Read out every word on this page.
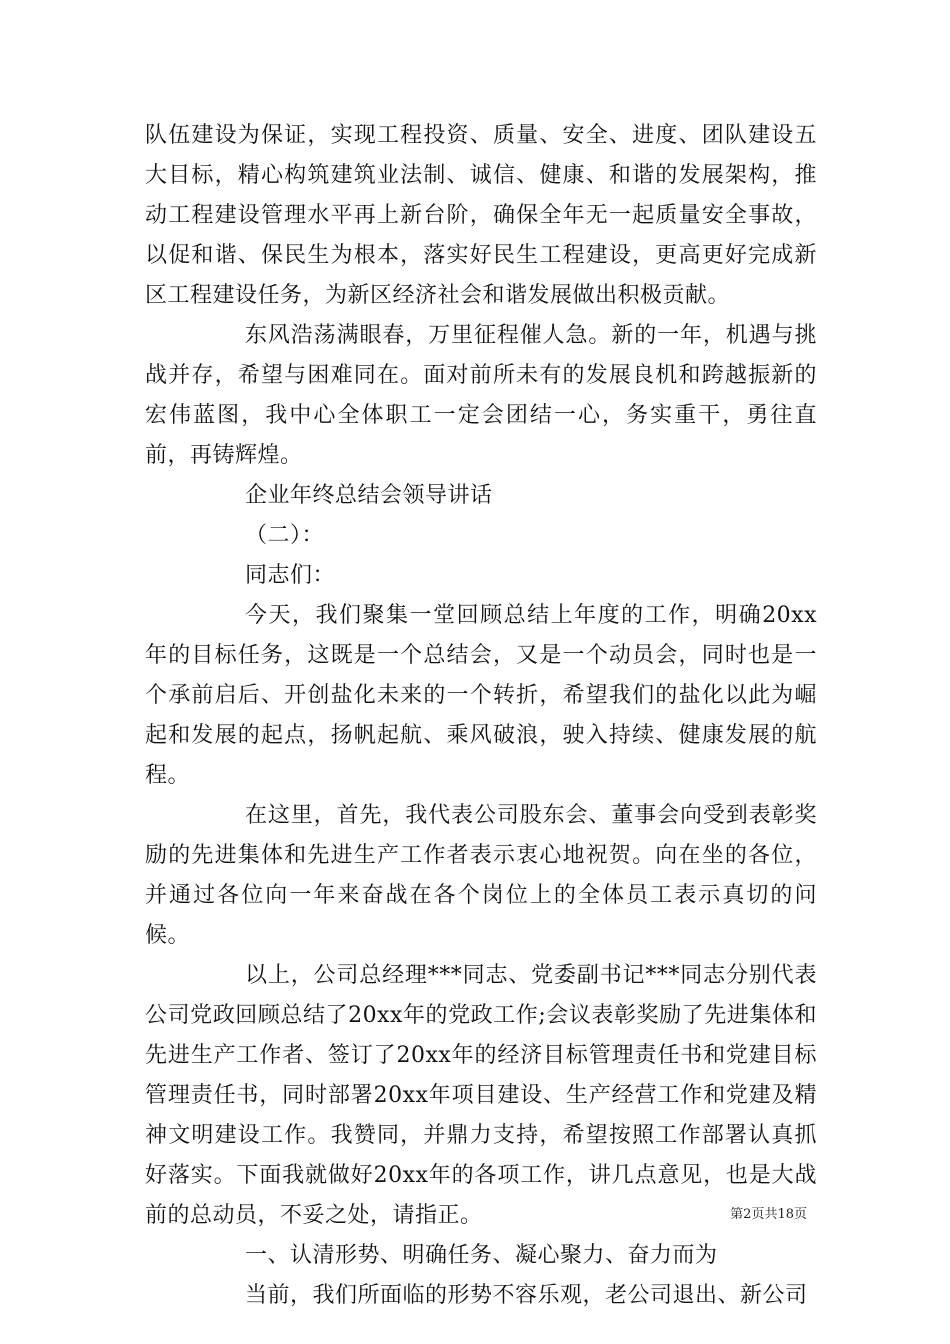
队伍建设为保证，实现工程投资、质量、安全、进度、团队建设五大目标，精心构筑建筑业法制、诚信、健康、和谐的发展架构，推动工程建设管理水平再上新台阶，确保全年无一起质量安全事故，以促和谐、保民生为根本，落实好民生工程建设，更高更好完成新区工程建设任务，为新区经济社会和谐发展做出积极贡献。

东风浩荡满眼春，万里征程催人急。新的一年，机遇与挑战并存，希望与困难同在。面对前所未有的发展良机和跨越振新的宏伟蓝图，我中心全体职工一定会团结一心，务实重干，勇往直前，再铸辉煌。

企业年终总结会领导讲话

（二）：

同志们：

今天，我们聚集一堂回顾总结上年度的工作，明确20xx年的目标任务，这既是一个总结会，又是一个动员会，同时也是一个承前启后、开创盐化未来的一个转折，希望我们的盐化以此为崛起和发展的起点，扬帆起航、乘风破浪，驶入持续、健康发展的航程。

在这里，首先，我代表公司股东会、董事会向受到表彰奖励的先进集体和先进生产工作者表示衷心地祝贺。向在坐的各位，并通过各位向一年来奋战在各个岗位上的全体员工表示真切的问候。

以上，公司总经理***同志、党委副书记***同志分别代表公司党政回顾总结了20xx年的党政工作;会议表彰奖励了先进集体和先进生产工作者、签订了20xx年的经济目标管理责任书和党建目标管理责任书，同时部署20xx年项目建设、生产经营工作和党建及精神文明建设工作。我赞同，并鼎力支持，希望按照工作部署认真抓好落实。下面我就做好20xx年的各项工作，讲几点意见，也是大战前的总动员，不妥之处，请指正。

一、认清形势、明确任务、凝心聚力、奋力而为

当前，我们所面临的形势不容乐观，老公司退出、新公司

第2页共18页
